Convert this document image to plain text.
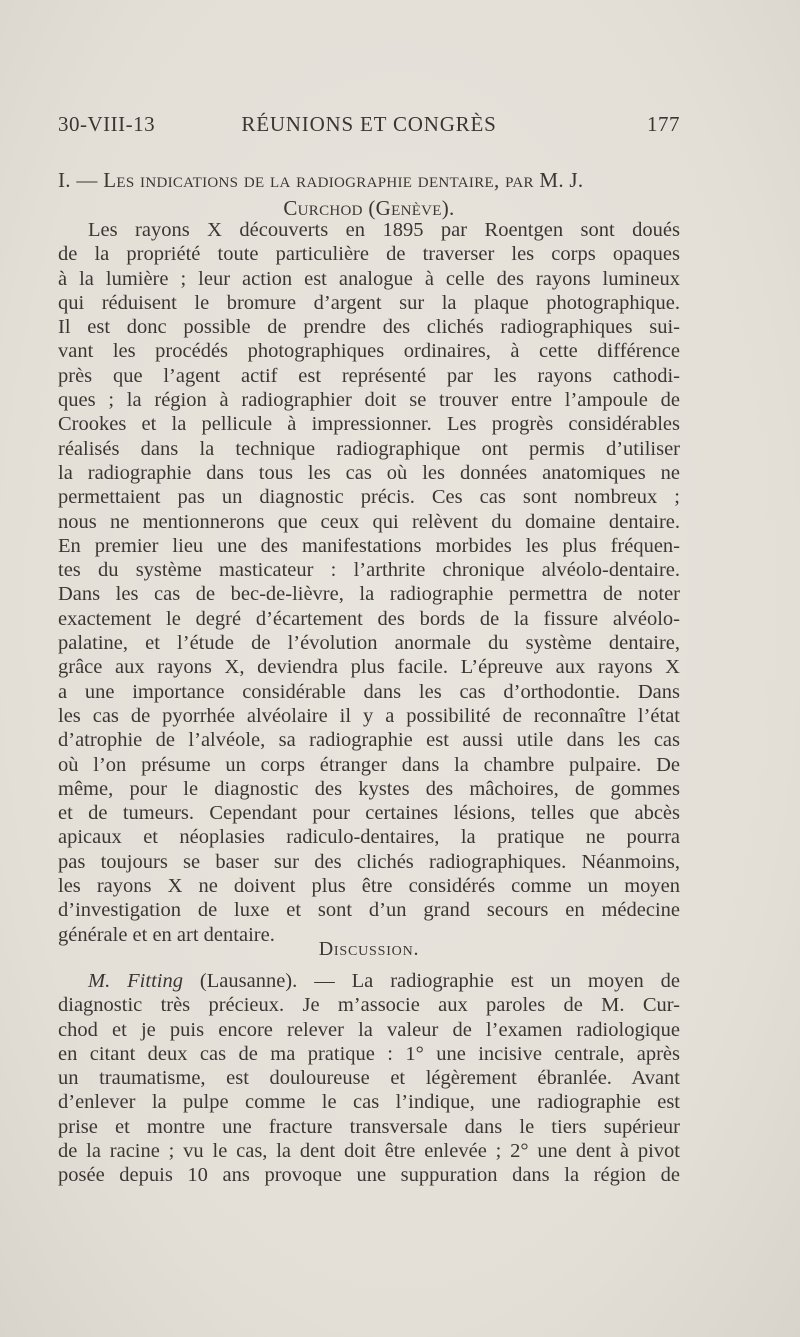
30-VIII-13	RÉUNIONS ET CONGRÈS	177
I. — Les indications de la radiographie dentaire, par M. J.
Curchod (Genève).
Les rayons X découverts en 1895 par Roentgen sont doués
de la propriété toute particulière de traverser les corps opaques
à la lumière ; leur action est analogue à celle des rayons lumineux
qui réduisent le bromure d’argent sur la plaque photographique.
Il est donc possible de prendre des clichés radiographiques sui-
vant les procédés photographiques ordinaires, à cette différence
près que l’agent actif est représenté par les rayons cathodi-
ques ; la région à radiographier doit se trouver entre l’ampoule de
Crookes et la pellicule à impressionner. Les progrès considérables
réalisés dans la technique radiographique ont permis d’utiliser
la radiographie dans tous les cas où les données anatomiques ne
permettaient pas un diagnostic précis. Ces cas sont nombreux ;
nous ne mentionnerons que ceux qui relèvent du domaine dentaire.
En premier lieu une des manifestations morbides les plus fréquen-
tes du système masticateur : l’arthrite chronique alvéolo-dentaire.
Dans les cas de bec-de-lièvre, la radiographie permettra de noter
exactement le degré d’écartement des bords de la fissure alvéolo-
palatine, et l’étude de l’évolution anormale du système dentaire,
grâce aux rayons X, deviendra plus facile. L’épreuve aux rayons X
a une importance considérable dans les cas d’orthodontie. Dans
les cas de pyorrhée alvéolaire il y a possibilité de reconnaître l’état
d’atrophie de l’alvéole, sa radiographie est aussi utile dans les cas
où l’on présume un corps étranger dans la chambre pulpaire. De
même, pour le diagnostic des kystes des mâchoires, de gommes
et de tumeurs. Cependant pour certaines lésions, telles que abcès
apicaux et néoplasies radiculo-dentaires, la pratique ne pourra
pas toujours se baser sur des clichés radiographiques. Néanmoins,
les rayons X ne doivent plus être considérés comme un moyen
d’investigation de luxe et sont d’un grand secours en médecine
générale et en art dentaire.
Discussion.
M. Fitting (Lausanne). — La radiographie est un moyen de
diagnostic très précieux. Je m’associe aux paroles de M. Cur-
chod et je puis encore relever la valeur de l’examen radiologique
en citant deux cas de ma pratique : 1° une incisive centrale, après
un traumatisme, est douloureuse et légèrement ébranlée. Avant
d’enlever la pulpe comme le cas l’indique, une radiographie est
prise et montre une fracture transversale dans le tiers supérieur
de la racine ; vu le cas, la dent doit être enlevée ; 2° une dent à pivot
posée depuis 10 ans provoque une suppuration dans la région de
